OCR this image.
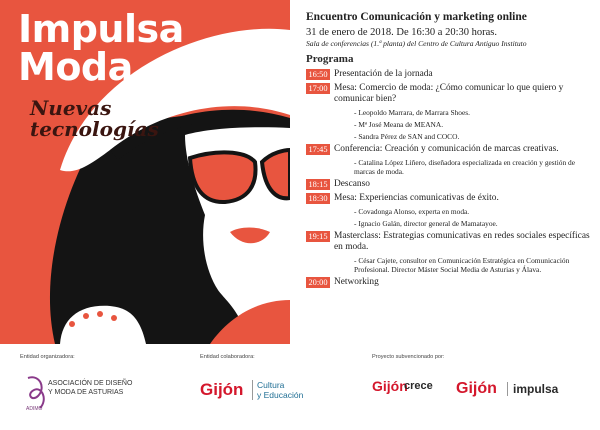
Impulsa
Moda
Nuevas
tecnologías
Encuentro Comunicación y marketing online
31 de enero de 2018. De 16:30 a 20:30 horas.
Sala de conferencias (1.ª planta) del Centro de Cultura Antiguo Instituto
Programa
16:50 Presentación de la jornada
17:00 Mesa: Comercio de moda: ¿Cómo comunicar lo que quiero y comunicar bien?
- Leopoldo Marrara, de Marrara Shoes.
- Mª José Meana de MEANA.
- Sandra Pérez de SAN and COCO.
17:45 Conferencia: Creación y comunicación de marcas creativas.
- Catalina López Liñero, diseñadora especializada en creación y gestión de marcas de moda.
18:15 Descanso
18:30 Mesa: Experiencias comunicativas de éxito.
- Covadonga Alonso, experta en moda.
- Ignacio Galán, director general de Mamatayoe.
19:15 Masterclass: Estrategias comunicativas en redes sociales específicas en moda.
- César Cajete, consultor en Comunicación Estratégica en Comunicación Profesional. Director Máster Social Media de Asturias y Álava.
20:00 Networking
Entidad organizadora:	Entidad colaboradora:	Proyecto subvencionado por:
ASOCIACIÓN DE DISEÑO
Y MODA DE ASTURIAS
ADIMO
Gijón Cultura
y Educación
Gijón
crece Gijón	impulsa
